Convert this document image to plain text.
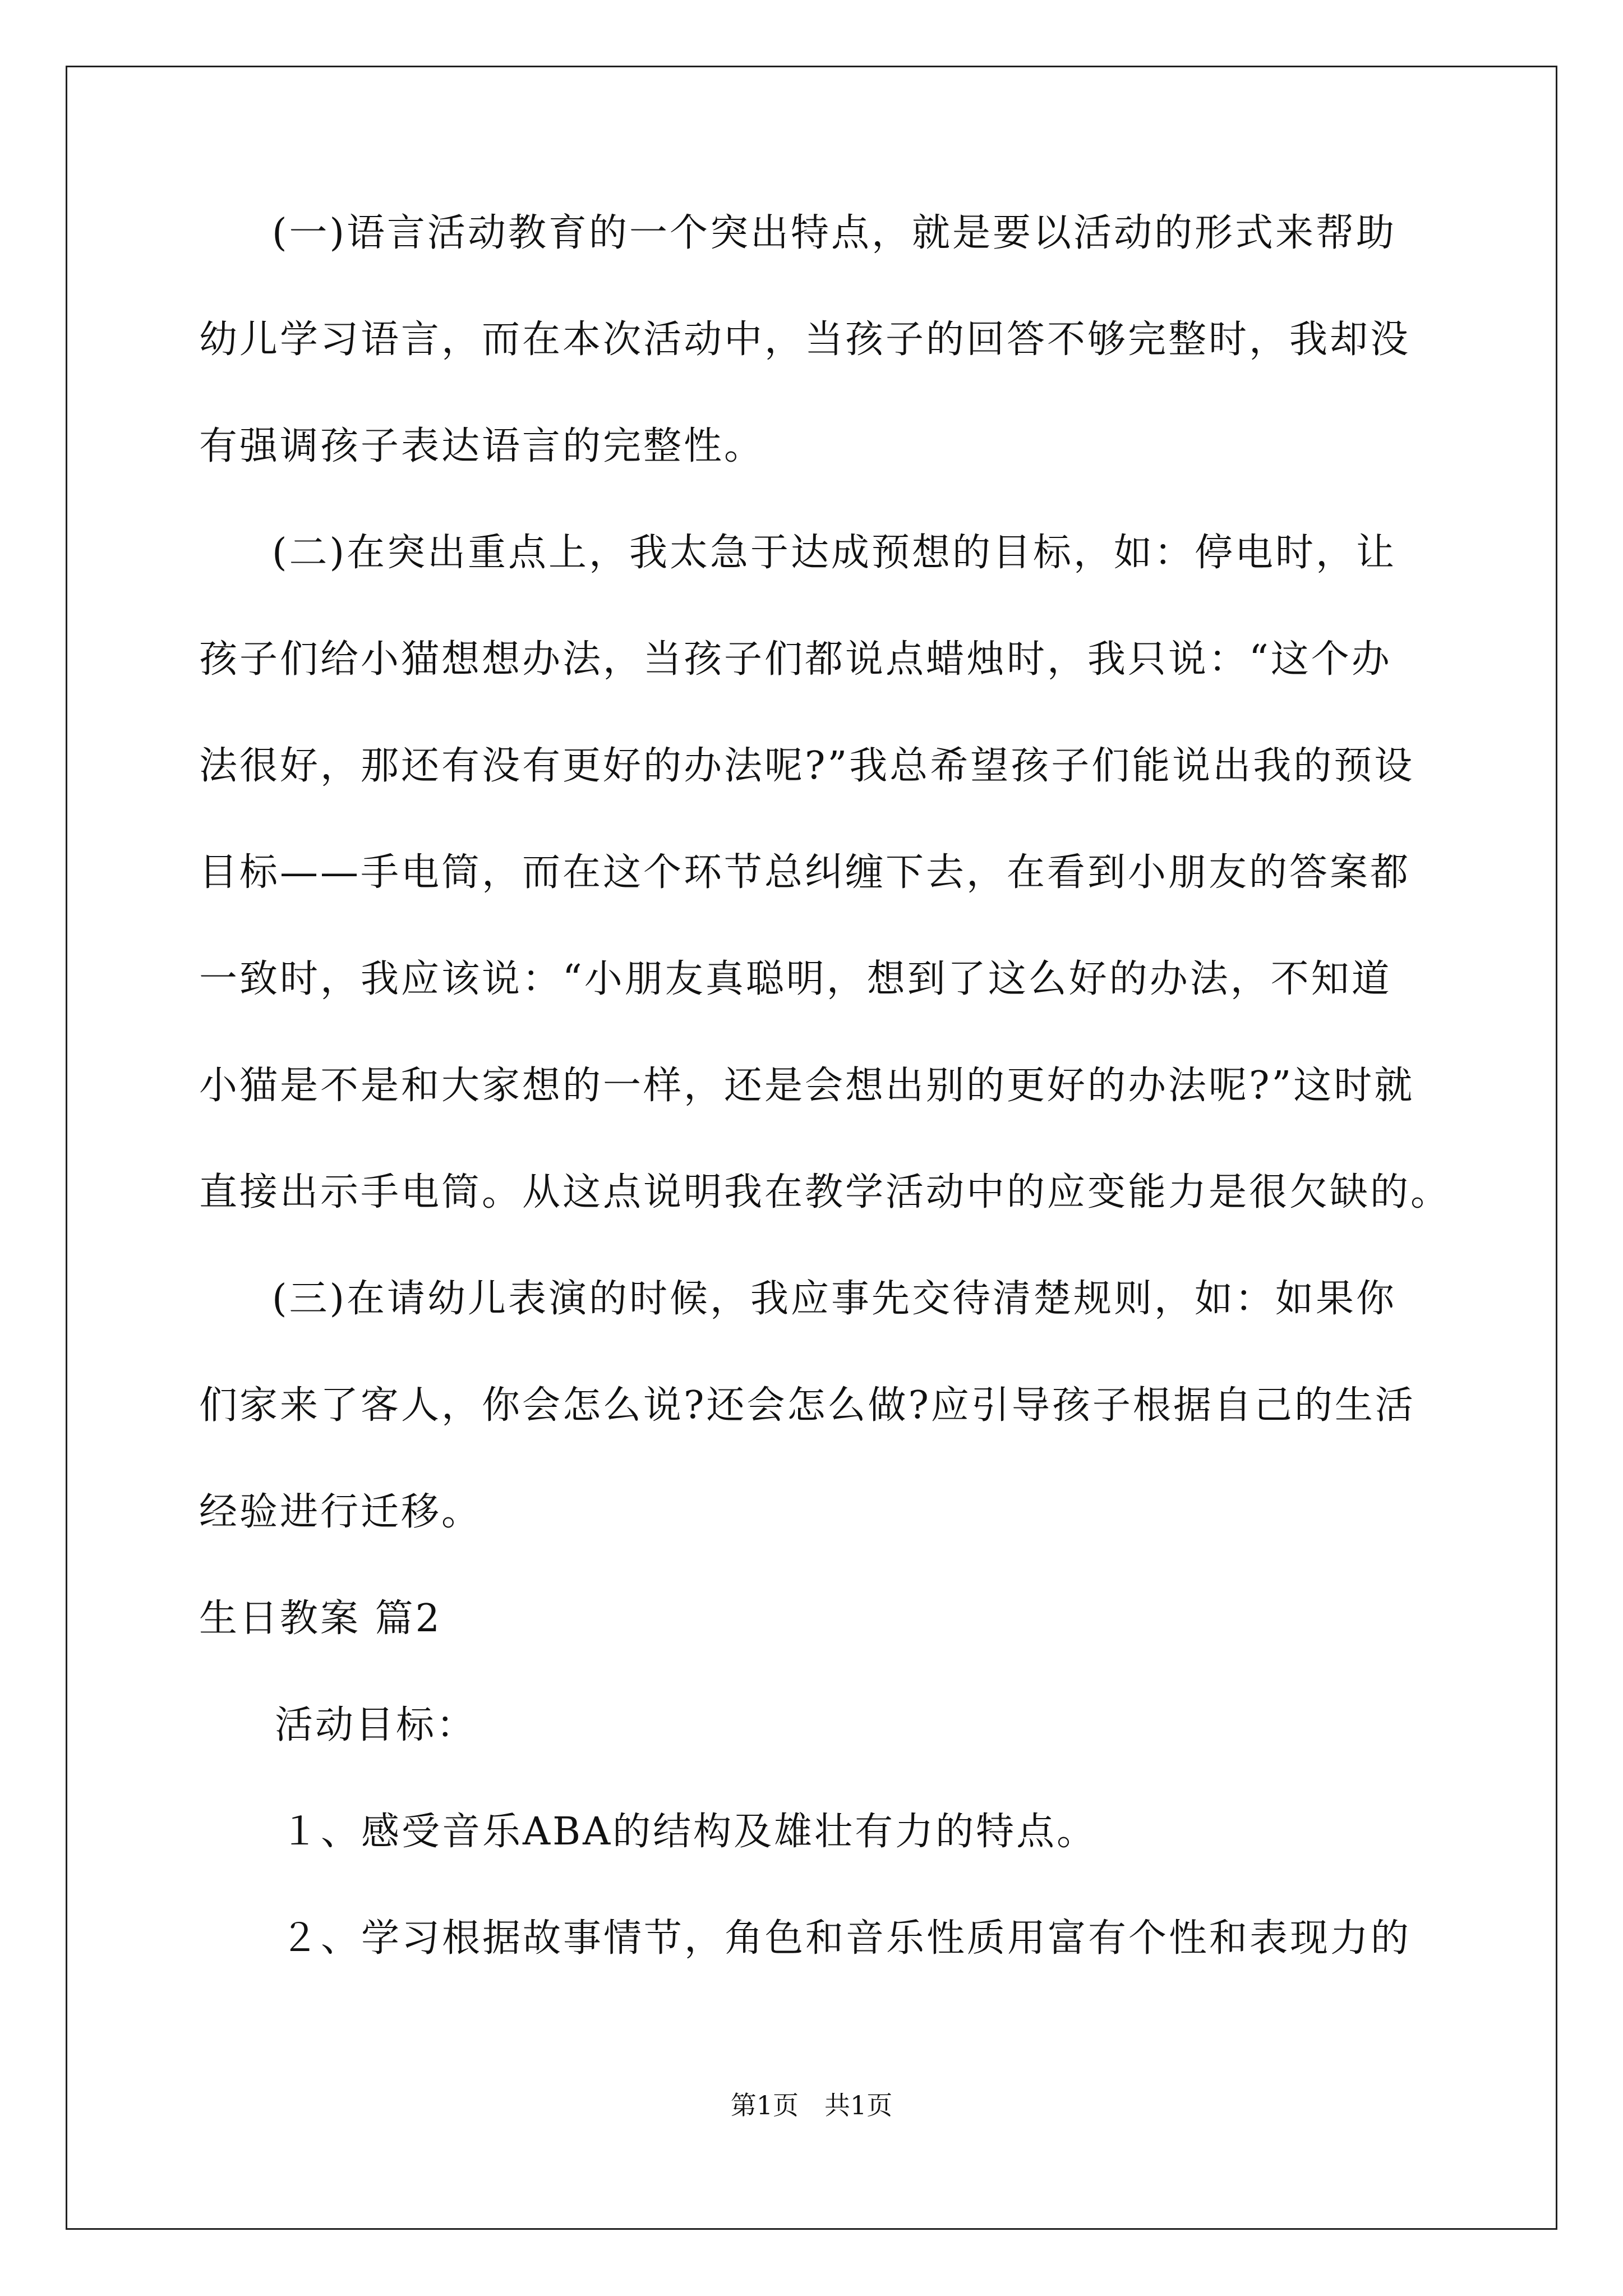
(一)语言活动教育的一个突出特点，就是要以活动的形式来帮助
幼儿学习语言，而在本次活动中，当孩子的回答不够完整时，我却没
有强调孩子表达语言的完整性。
(二)在突出重点上，我太急于达成预想的目标，如：停电时，让
孩子们给小猫想想办法，当孩子们都说点蜡烛时，我只说：“这个办
法很好，那还有没有更好的办法呢?”我总希望孩子们能说出我的预设
目标——手电筒，而在这个环节总纠缠下去，在看到小朋友的答案都
一致时，我应该说：“小朋友真聪明，想到了这么好的办法，不知道
小猫是不是和大家想的一样，还是会想出别的更好的办法呢?”这时就
直接出示手电筒。从这点说明我在教学活动中的应变能力是很欠缺的。
(三)在请幼儿表演的时候，我应事先交待清楚规则，如：如果你
们家来了客人，你会怎么说?还会怎么做?应引导孩子根据自己的生活
经验进行迁移。
生日教案 篇2
活动目标：
１、感受音乐ABA的结构及雄壮有力的特点。
２、学习根据故事情节，角色和音乐性质用富有个性和表现力的
第1页　共1页
